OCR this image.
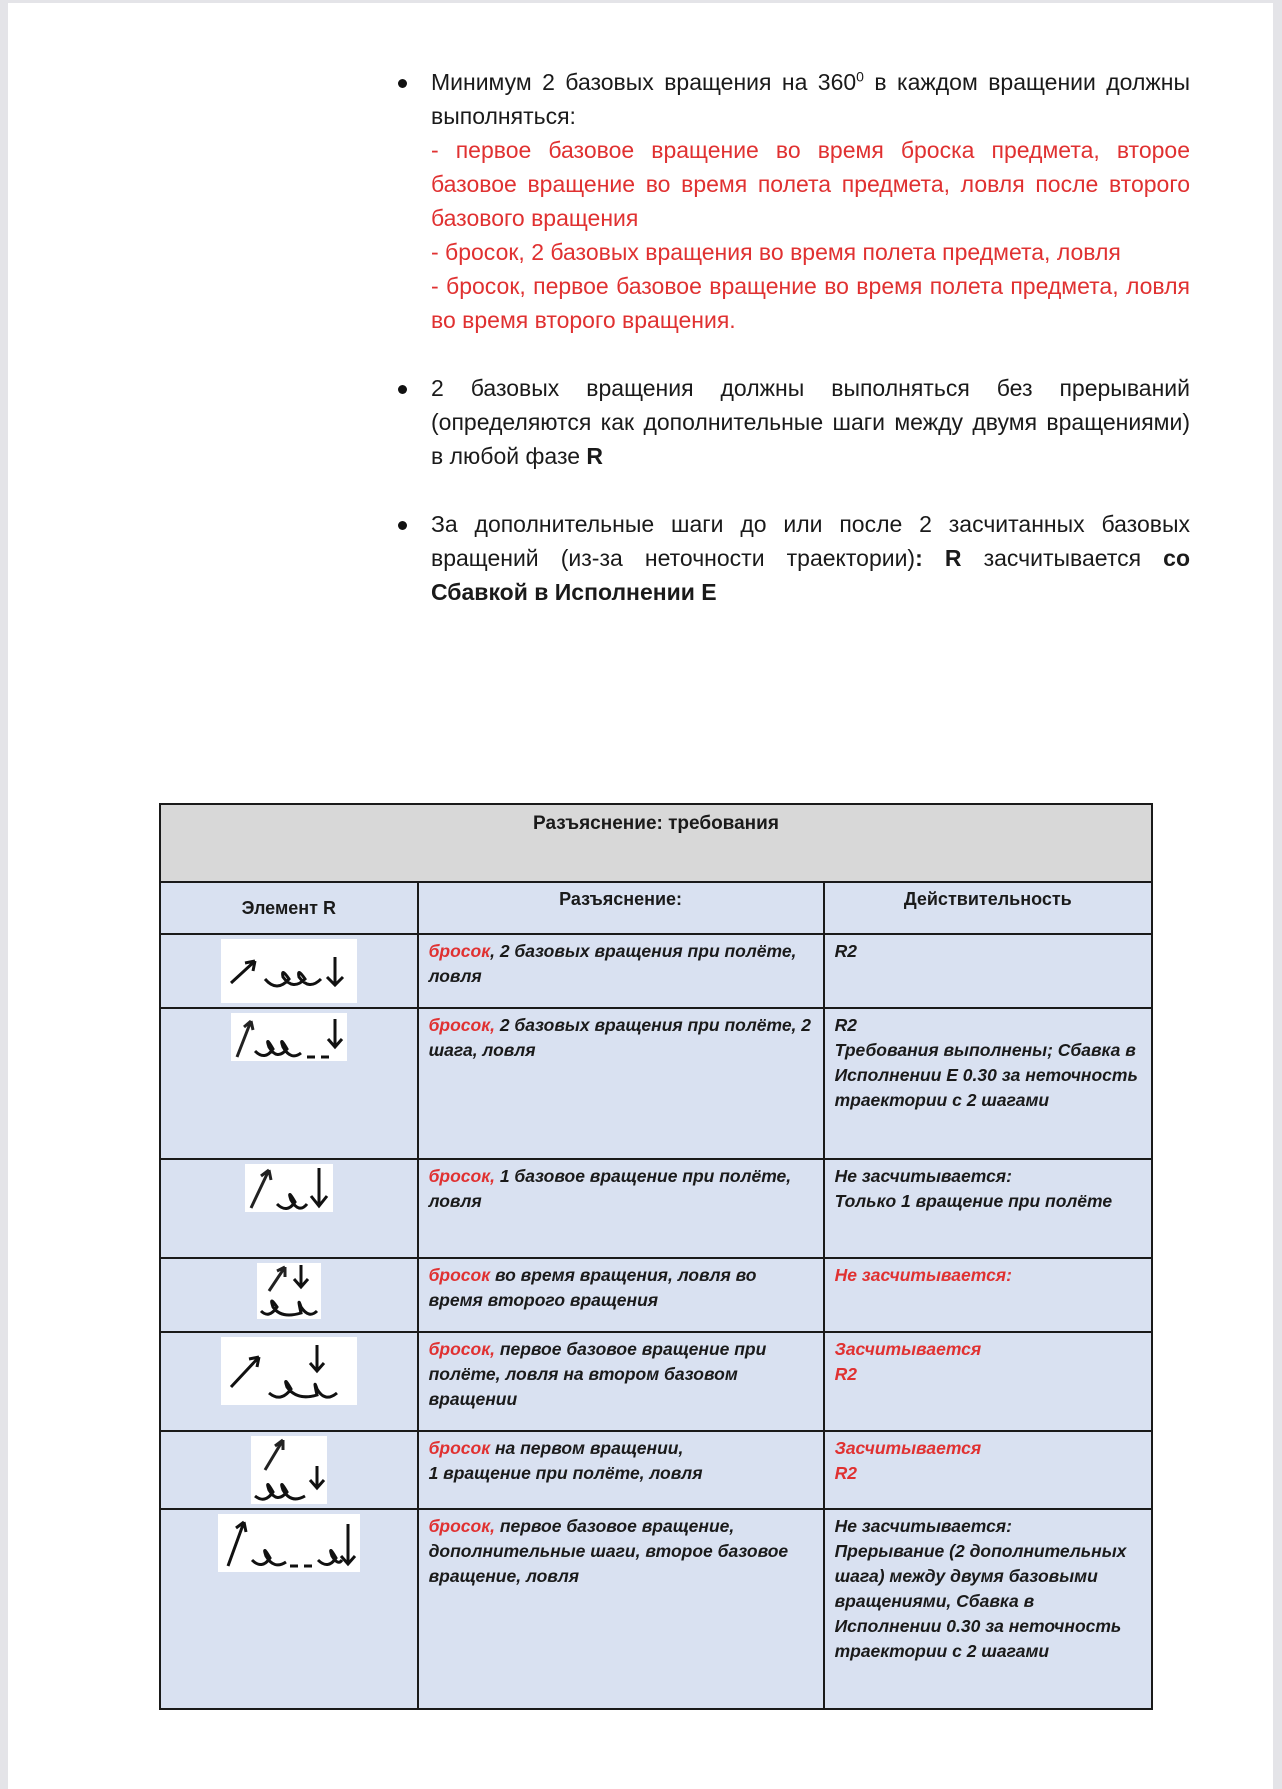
Минимум 2 базовых вращения на $360^0$ в каждом вращении должны выполняться:

- первое базовое вращение во время броска предмета, второе базовое вращение во время полета предмета, ловля после второго базового вращения

- бросок, 2 базовых вращения во время полета предмета, ловля

- бросок, первое базовое вращение во время полета предмета, ловля во время второго вращения.

2 базовых вращения должны выполняться без прерываний (определяются как дополнительные шаги между двумя вращениями) в любой фазе R

За дополнительные шаги до или после 2 засчитанных базовых вращений (из-за неточности траектории): R засчитывается со Сбавкой в Исполнении E

Разъяснение: требования		
Элемент R	Разъяснение:	Действительность

	бросок, 2 базовых вращения при полёте, ловля	R2

	бросок, 2 базовых вращения при полёте, 2 шага, ловля	R2
Требования выполнены; Сбавка в Исполнении E 0.30 за неточность траектории с 2 шагами

	бросок, 1 базовое вращение при полёте, ловля	Не засчитывается:
Только 1 вращение при полёте

	бросок во время вращения, ловля во время второго вращения	Не засчитывается:

	бросок, первое базовое вращение при полёте, ловля на втором базовом вращении	Засчитывается
R2

	бросок на первом вращении,
1 вращение при полёте, ловля	Засчитывается
R2

	бросок, первое базовое вращение, дополнительные шаги, второе базовое вращение, ловля	Не засчитывается:
Прерывание (2 дополнительных шага) между двумя базовыми вращениями, Сбавка в Исполнении 0.30 за неточность траектории с 2 шагами
